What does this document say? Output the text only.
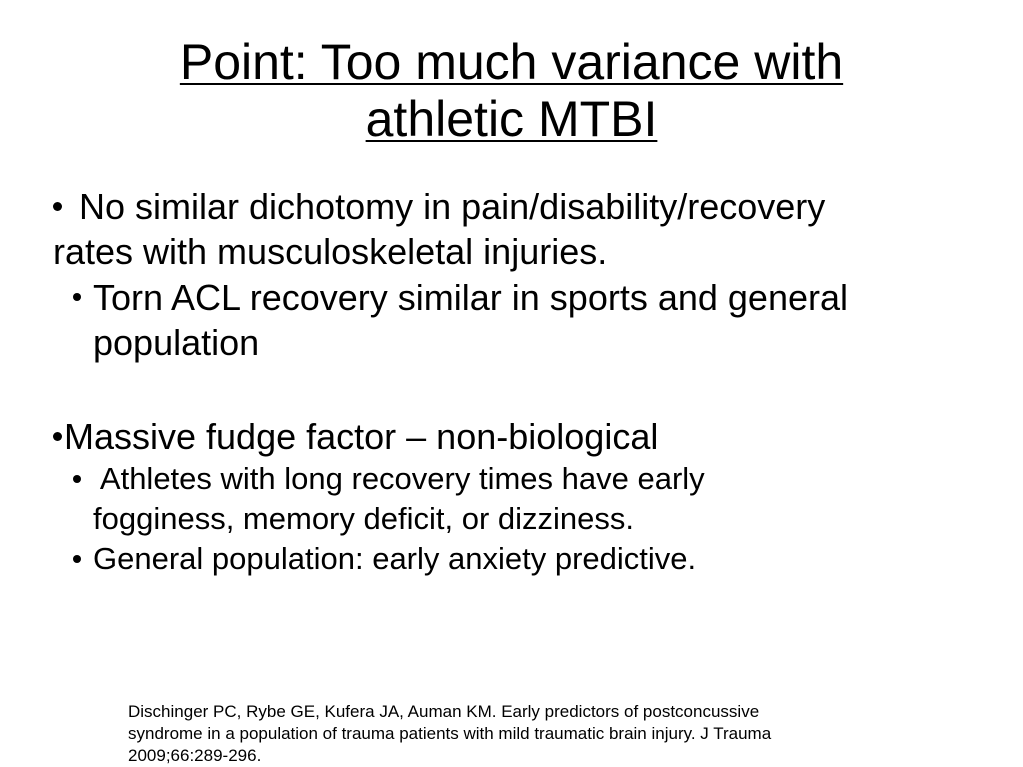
Point: Too much variance with
athletic MTBI
No similar dichotomy in pain/disability/recovery
rates with musculoskeletal injuries.
Torn ACL recovery similar in sports and general
population
Massive fudge factor – non-biological
Athletes with long recovery times have early
fogginess, memory deficit, or dizziness.
General population: early anxiety predictive.
Dischinger PC, Rybe GE, Kufera JA, Auman KM. Early predictors of postconcussive
syndrome in a population of trauma patients with mild traumatic brain injury. J Trauma
2009;66:289-296.
